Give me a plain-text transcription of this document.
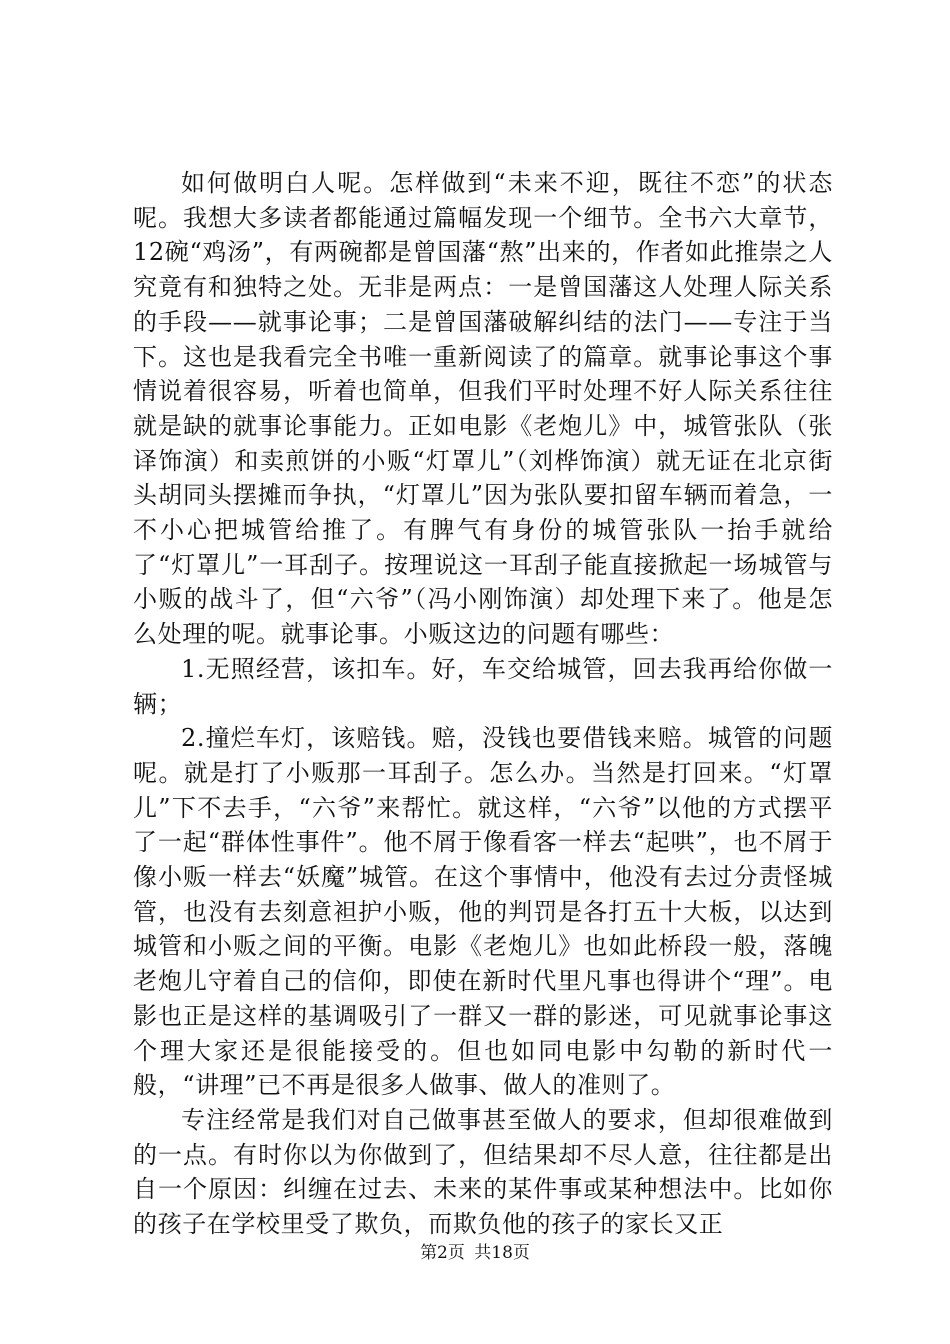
如何做明白人呢。怎样做到“未来不迎，既往不恋”的状态呢。我想大多读者都能通过篇幅发现一个细节。全书六大章节，12碗“鸡汤”，有两碗都是曾国藩“熬”出来的，作者如此推崇之人究竟有和独特之处。无非是两点：一是曾国藩这人处理人际关系的手段——就事论事；二是曾国藩破解纠结的法门——专注于当下。这也是我看完全书唯一重新阅读了的篇章。就事论事这个事情说着很容易，听着也简单，但我们平时处理不好人际关系往往就是缺的就事论事能力。正如电影《老炮儿》中，城管张队（张译饰演）和卖煎饼的小贩“灯罩儿”（刘桦饰演）就无证在北京街头胡同头摆摊而争执，“灯罩儿”因为张队要扣留车辆而着急，一不小心把城管给推了。有脾气有身份的城管张队一抬手就给了“灯罩儿”一耳刮子。按理说这一耳刮子能直接掀起一场城管与小贩的战斗了，但“六爷”（冯小刚饰演）却处理下来了。他是怎么处理的呢。就事论事。小贩这边的问题有哪些：

1.无照经营，该扣车。好，车交给城管，回去我再给你做一辆；

2.撞烂车灯，该赔钱。赔，没钱也要借钱来赔。城管的问题呢。就是打了小贩那一耳刮子。怎么办。当然是打回来。“灯罩儿”下不去手，“六爷”来帮忙。就这样，“六爷”以他的方式摆平了一起“群体性事件”。他不屑于像看客一样去“起哄”，也不屑于像小贩一样去“妖魔”城管。在这个事情中，他没有去过分责怪城管，也没有去刻意袒护小贩，他的判罚是各打五十大板，以达到城管和小贩之间的平衡。电影《老炮儿》也如此桥段一般，落魄老炮儿守着自己的信仰，即使在新时代里凡事也得讲个“理”。电影也正是这样的基调吸引了一群又一群的影迷，可见就事论事这个理大家还是很能接受的。但也如同电影中勾勒的新时代一般，“讲理”已不再是很多人做事、做人的准则了。

专注经常是我们对自己做事甚至做人的要求，但却很难做到的一点。有时你以为你做到了，但结果却不尽人意，往往都是出自一个原因：纠缠在过去、未来的某件事或某种想法中。比如你的孩子在学校里受了欺负，而欺负他的孩子的家长又正

第2页 共18页
